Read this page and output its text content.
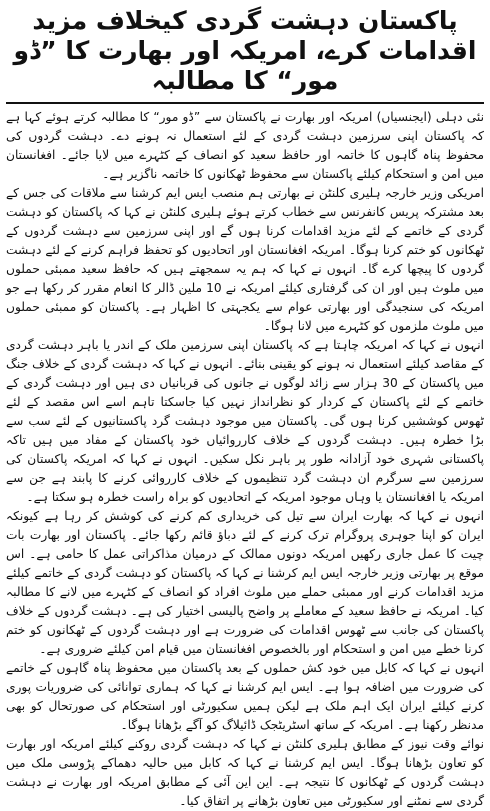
پاکستان دہشت گردی کیخلاف مزید اقدامات کرے، امریکہ اور بھارت کا ”ڈو مور“ کا مطالبہ

نئی دہلی (ایجنسیاں) امریکہ اور بھارت نے پاکستان سے ”ڈو مور“ کا مطالبہ کرتے ہوئے کہا ہے کہ پاکستان اپنی سرزمین دہشت گردی کے لئے استعمال نہ ہونے دے۔ دہشت گردوں کی محفوظ پناہ گاہوں کا خاتمہ اور حافظ سعید کو انصاف کے کٹہرے میں لایا جائے۔ افغانستان میں امن و استحکام کیلئے پاکستان سے محفوظ ٹھکانوں کا خاتمہ ناگزیر ہے۔

امریکی وزیر خارجہ ہلیری کلنٹن نے بھارتی ہم منصب ایس ایم کرشنا سے ملاقات کی جس کے بعد مشترکہ پریس کانفرنس سے خطاب کرتے ہوئے ہلیری کلنٹن نے کہا کہ پاکستان کو دہشت گردی کے خاتمے کے لئے مزید اقدامات کرنا ہوں گے اور اپنی سرزمین سے دہشت گردوں کے ٹھکانوں کو ختم کرنا ہوگا۔ امریکہ افغانستان اور اتحادیوں کو تحفظ فراہم کرنے کے لئے دہشت گردوں کا پیچھا کرے گا۔ انہوں نے کہا کہ ہم یہ سمجھتے ہیں کہ حافظ سعید ممبئی حملوں میں ملوث ہیں اور ان کی گرفتاری کیلئے امریکہ نے 10 ملین ڈالر کا انعام مقرر کر رکھا ہے جو امریکہ کی سنجیدگی اور بھارتی عوام سے یکجہتی کا اظہار ہے۔ پاکستان کو ممبئی حملوں میں ملوث ملزموں کو کٹہرے میں لانا ہوگا۔

انہوں نے کہا کہ امریکہ چاہتا ہے کہ پاکستان اپنی سرزمین ملک کے اندر یا باہر دہشت گردی کے مقاصد کیلئے استعمال نہ ہونے کو یقینی بنائے۔ انہوں نے کہا کہ دہشت گردی کے خلاف جنگ میں پاکستان کے 30 ہزار سے زائد لوگوں نے جانوں کی قربانیاں دی ہیں اور دہشت گردی کے خاتمے کے لئے پاکستان کے کردار کو نظرانداز نہیں کیا جاسکتا تاہم اسے اس مقصد کے لئے ٹھوس کوششیں کرنا ہوں گی۔ پاکستان میں موجود دہشت گرد پاکستانیوں کے لئے سب سے بڑا خطرہ ہیں۔ دہشت گردوں کے خلاف کارروائیاں خود پاکستان کے مفاد میں ہیں تاکہ پاکستانی شہری خود آزادانہ طور پر باہر نکل سکیں۔ انہوں نے کہا کہ امریکہ پاکستان کی سرزمین سے سرگرم ان دہشت گرد تنظیموں کے خلاف کارروائی کرنے کا پابند ہے جن سے امریکہ یا افغانستان یا وہاں موجود امریکہ کے اتحادیوں کو براہ راست خطرہ ہو سکتا ہے۔

انہوں نے کہا کہ بھارت ایران سے تیل کی خریداری کم کرنے کی کوشش کر رہا ہے کیونکہ ایران کو اپنا جوہری پروگرام ترک کرنے کے لئے دباؤ قائم رکھا جائے۔ پاکستان اور بھارت بات چیت کا عمل جاری رکھیں امریکہ دونوں ممالک کے درمیان مذاکراتی عمل کا حامی ہے۔ اس موقع پر بھارتی وزیر خارجہ ایس ایم کرشنا نے کہا کہ پاکستان کو دہشت گردی کے خاتمے کیلئے مزید اقدامات کرنے اور ممبئی حملے میں ملوث افراد کو انصاف کے کٹہرے میں لانے کا مطالبہ کیا۔ امریکہ نے حافظ سعید کے معاملے پر واضح پالیسی اختیار کی ہے۔ دہشت گردوں کے خلاف پاکستان کی جانب سے ٹھوس اقدامات کی ضرورت ہے اور دہشت گردوں کے ٹھکانوں کو ختم کرنا خطے میں امن و استحکام اور بالخصوص افغانستان میں قیام امن کیلئے ضروری ہے۔

انہوں نے کہا کہ کابل میں خود کش حملوں کے بعد پاکستان میں محفوظ پناہ گاہوں کے خاتمے کی ضرورت میں اضافہ ہوا ہے۔ ایس ایم کرشنا نے کہا کہ ہماری توانائی کی ضروریات پوری کرنے کیلئے ایران ایک اہم ملک ہے لیکن ہمیں سکیورٹی اور استحکام کی صورتحال کو بھی مدنظر رکھنا ہے۔ امریکہ کے ساتھ اسٹریٹجک ڈائیلاگ کو آگے بڑھانا ہوگا۔

نوائے وقت نیوز کے مطابق ہلیری کلنٹن نے کہا کہ دہشت گردی روکنے کیلئے امریکہ اور بھارت کو تعاون بڑھانا ہوگا۔ ایس ایم کرشنا نے کہا کہ کابل میں حالیہ دھماکے پڑوسی ملک میں دہشت گردوں کے ٹھکانوں کا نتیجہ ہے۔ این این آئی کے مطابق امریکہ اور بھارت نے دہشت گردی سے نمٹنے اور سکیورٹی میں تعاون بڑھانے پر اتفاق کیا۔
